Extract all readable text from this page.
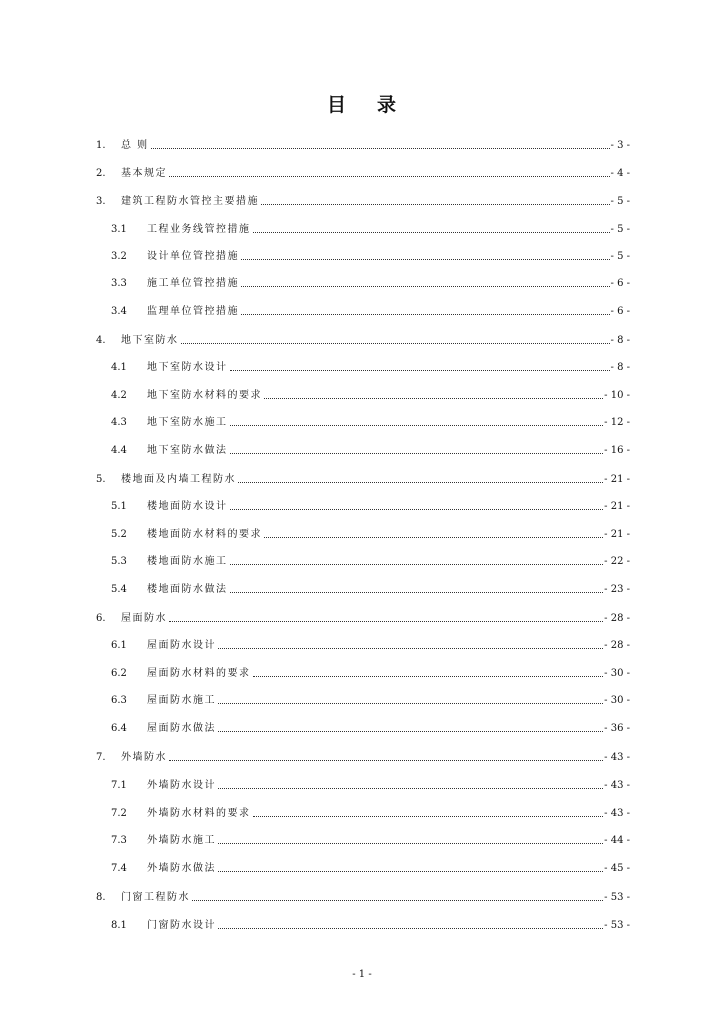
目 录
1.	总 则	- 3 -
2.	基本规定	- 4 -
3.	建筑工程防水管控主要措施	- 5 -
3.1	工程业务线管控措施	- 5 -
3.2	设计单位管控措施	- 5 -
3.3	施工单位管控措施	- 6 -
3.4	监理单位管控措施	- 6 -
4.	地下室防水	- 8 -
4.1	地下室防水设计	- 8 -
4.2	地下室防水材料的要求	- 10 -
4.3	地下室防水施工	- 12 -
4.4	地下室防水做法	- 16 -
5.	楼地面及内墙工程防水	- 21 -
5.1	楼地面防水设计	- 21 -
5.2	楼地面防水材料的要求	- 21 -
5.3	楼地面防水施工	- 22 -
5.4	楼地面防水做法	- 23 -
6.	屋面防水	- 28 -
6.1	屋面防水设计	- 28 -
6.2	屋面防水材料的要求	- 30 -
6.3	屋面防水施工	- 30 -
6.4	屋面防水做法	- 36 -
7.	外墙防水	- 43 -
7.1	外墙防水设计	- 43 -
7.2	外墙防水材料的要求	- 43 -
7.3	外墙防水施工	- 44 -
7.4	外墙防水做法	- 45 -
8.	门窗工程防水	- 53 -
8.1	门窗防水设计	- 53 -
- 1 -
